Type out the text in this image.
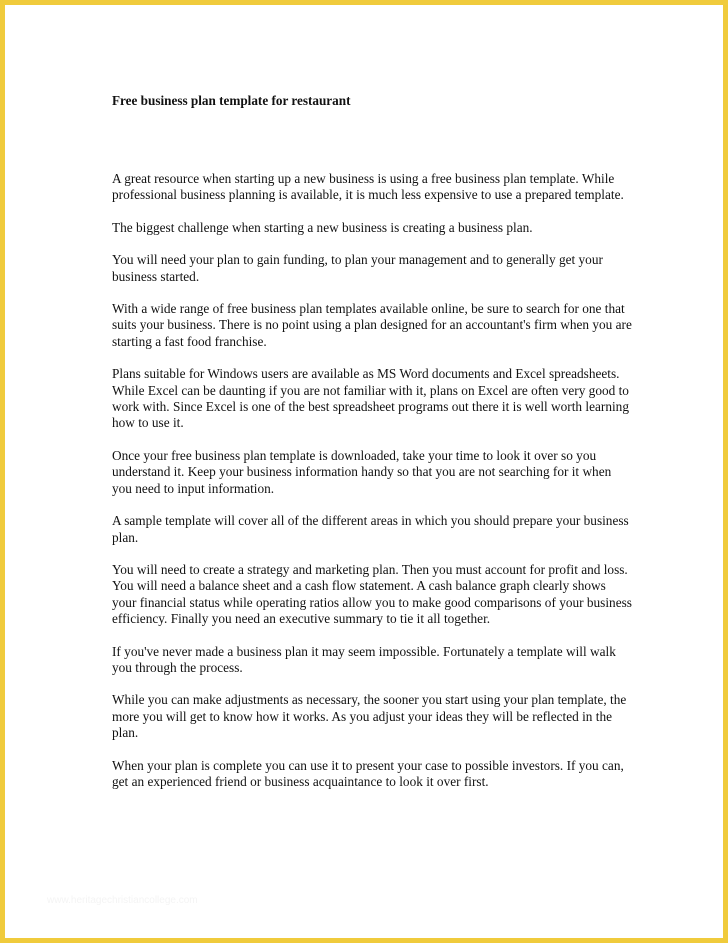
Free business plan template for restaurant

A great resource when starting up a new business is using a free business plan template. While professional business planning is available, it is much less expensive to use a prepared template.

The biggest challenge when starting a new business is creating a business plan.

You will need your plan to gain funding, to plan your management and to generally get your business started.

With a wide range of free business plan templates available online, be sure to search for one that suits your business. There is no point using a plan designed for an accountant's firm when you are starting a fast food franchise.

Plans suitable for Windows users are available as MS Word documents and Excel spreadsheets. While Excel can be daunting if you are not familiar with it, plans on Excel are often very good to work with. Since Excel is one of the best spreadsheet programs out there it is well worth learning how to use it.

Once your free business plan template is downloaded, take your time to look it over so you understand it. Keep your business information handy so that you are not searching for it when you need to input information.

A sample template will cover all of the different areas in which you should prepare your business plan.

You will need to create a strategy and marketing plan. Then you must account for profit and loss. You will need a balance sheet and a cash flow statement. A cash balance graph clearly shows your financial status while operating ratios allow you to make good comparisons of your business efficiency. Finally you need an executive summary to tie it all together.

If you've never made a business plan it may seem impossible. Fortunately a template will walk you through the process.

While you can make adjustments as necessary, the sooner you start using your plan template, the more you will get to know how it works. As you adjust your ideas they will be reflected in the plan.

When your plan is complete you can use it to present your case to possible investors. If you can, get an experienced friend or business acquaintance to look it over first.

www.heritagechristiancollege.com
